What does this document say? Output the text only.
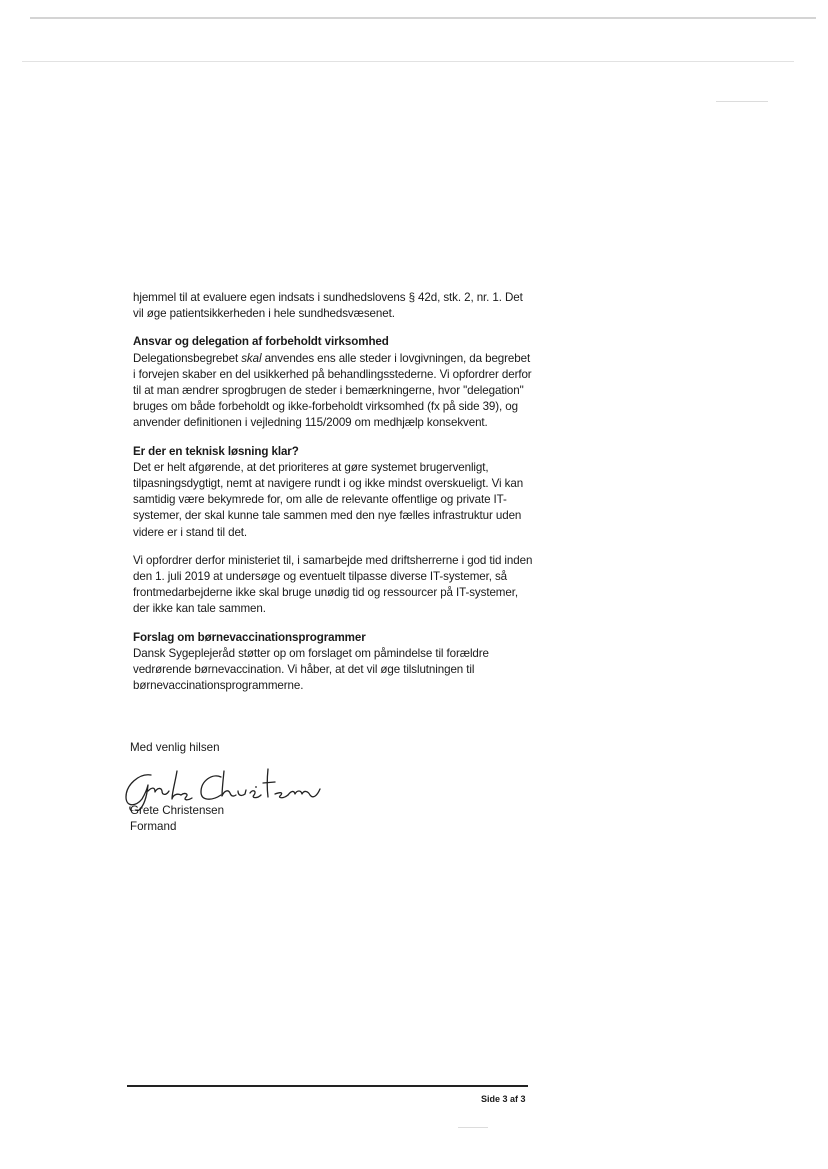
hjemmel til at evaluere egen indsats i sundhedslovens § 42d, stk. 2, nr. 1. Det vil øge patientsikkerheden i hele sundhedsvæsenet.

Ansvar og delegation af forbeholdt virksomhed
Delegationsbegrebet skal anvendes ens alle steder i lovgivningen, da begrebet i forvejen skaber en del usikkerhed på behandlingsstederne. Vi opfordrer derfor til at man ændrer sprogbrugen de steder i bemærkningerne, hvor "delegation" bruges om både forbeholdt og ikke-forbeholdt virksomhed (fx på side 39), og anvender definitionen i vejledning 115/2009 om medhjælp konsekvent.

Er der en teknisk løsning klar?
Det er helt afgørende, at det prioriteres at gøre systemet brugervenligt, tilpasningsdygtigt, nemt at navigere rundt i og ikke mindst overskueligt. Vi kan samtidig være bekymrede for, om alle de relevante offentlige og private IT-systemer, der skal kunne tale sammen med den nye fælles infrastruktur uden videre er i stand til det.

Vi opfordrer derfor ministeriet til, i samarbejde med driftsherrerne i god tid inden den 1. juli 2019 at undersøge og eventuelt tilpasse diverse IT-systemer, så frontmedarbejderne ikke skal bruge unødig tid og ressourcer på IT-systemer, der ikke kan tale sammen.

Forslag om børnevaccinationsprogrammer
Dansk Sygeplejeråd støtter op om forslaget om påmindelse til forældre vedrørende børnevaccination. Vi håber, at det vil øge tilslutningen til børnevaccinationsprogrammerne.

Med venlig hilsen
Grete Christensen
Formand
Side 3 af 3
